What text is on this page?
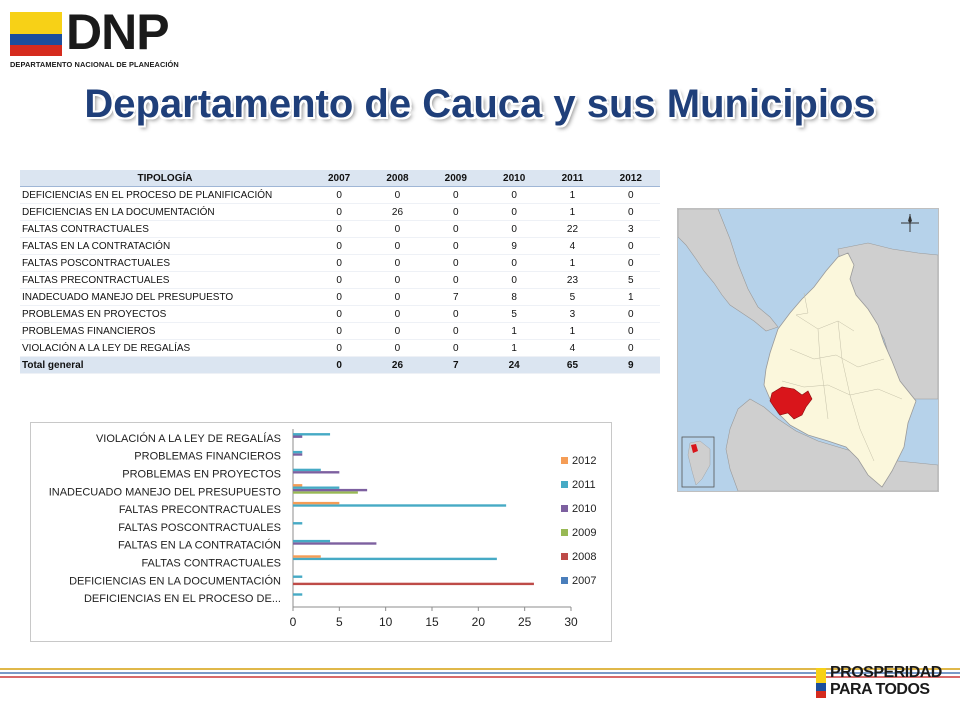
DNP
DEPARTAMENTO NACIONAL DE PLANEACIÓN
Departamento de Cauca y sus Municipios
TIPOLOGÍA	2007	2008	2009	2010	2011	2012
DEFICIENCIAS EN EL PROCESO DE PLANIFICACIÓN	0	0	0	0	1	0
DEFICIENCIAS EN LA DOCUMENTACIÓN	0	26	0	0	1	0
FALTAS CONTRACTUALES	0	0	0	0	22	3
FALTAS EN LA CONTRATACIÓN	0	0	0	9	4	0
FALTAS POSCONTRACTUALES	0	0	0	0	1	0
FALTAS PRECONTRACTUALES	0	0	0	0	23	5
INADECUADO MANEJO DEL PRESUPUESTO	0	0	7	8	5	1
PROBLEMAS EN PROYECTOS	0	0	0	5	3	0
PROBLEMAS FINANCIEROS	0	0	0	1	1	0
VIOLACIÓN A LA LEY DE REGALÍAS	0	0	0	1	4	0
Total general	0	26	7	24	65	9
0	5	10	15	20	25	30
DEFICIENCIAS EN EL PROCESO DE...
DEFICIENCIAS EN LA DOCUMENTACIÓN
FALTAS CONTRACTUALES
FALTAS EN LA CONTRATACIÓN
FALTAS POSCONTRACTUALES
FALTAS PRECONTRACTUALES
INADECUADO MANEJO DEL PRESUPUESTO
PROBLEMAS EN PROYECTOS
PROBLEMAS FINANCIEROS
VIOLACIÓN A LA LEY DE REGALÍAS
2012
2011
2010
2009
2008
2007
PROSPERIDAD
PARA TODOS
